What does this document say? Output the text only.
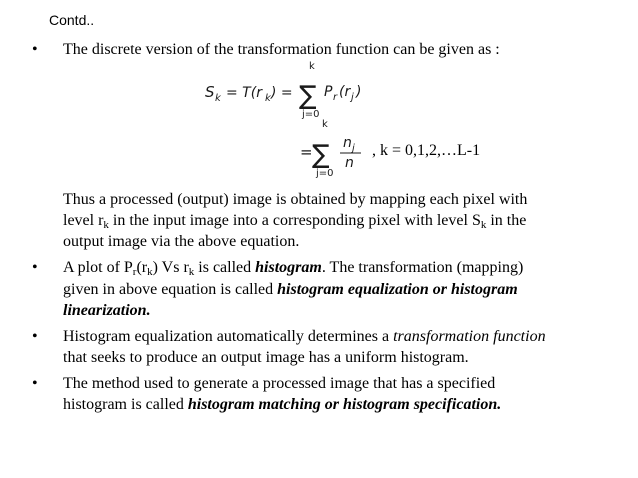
Contd..
• The discrete version of the transformation function can be given as :
S k = T(r k ) =
k
∑
j=0
P r (r j )
=
k
∑
j=0
n j
n
, k = 0,1,2,…L-1
Thus a processed (output) image is obtained by mapping each pixel with
level $r_k$ in the input image into a corresponding pixel with level $S_k$ in the
output image via the above equation.
• A plot of $P_r(r_k)$ Vs $r_k$ is called histogram. The transformation (mapping)
given in above equation is called histogram equalization or histogram
linearization.
• Histogram equalization automatically determines a transformation function
that seeks to produce an output image has a uniform histogram.
• The method used to generate a processed image that has a specified
histogram is called histogram matching or histogram specification.
